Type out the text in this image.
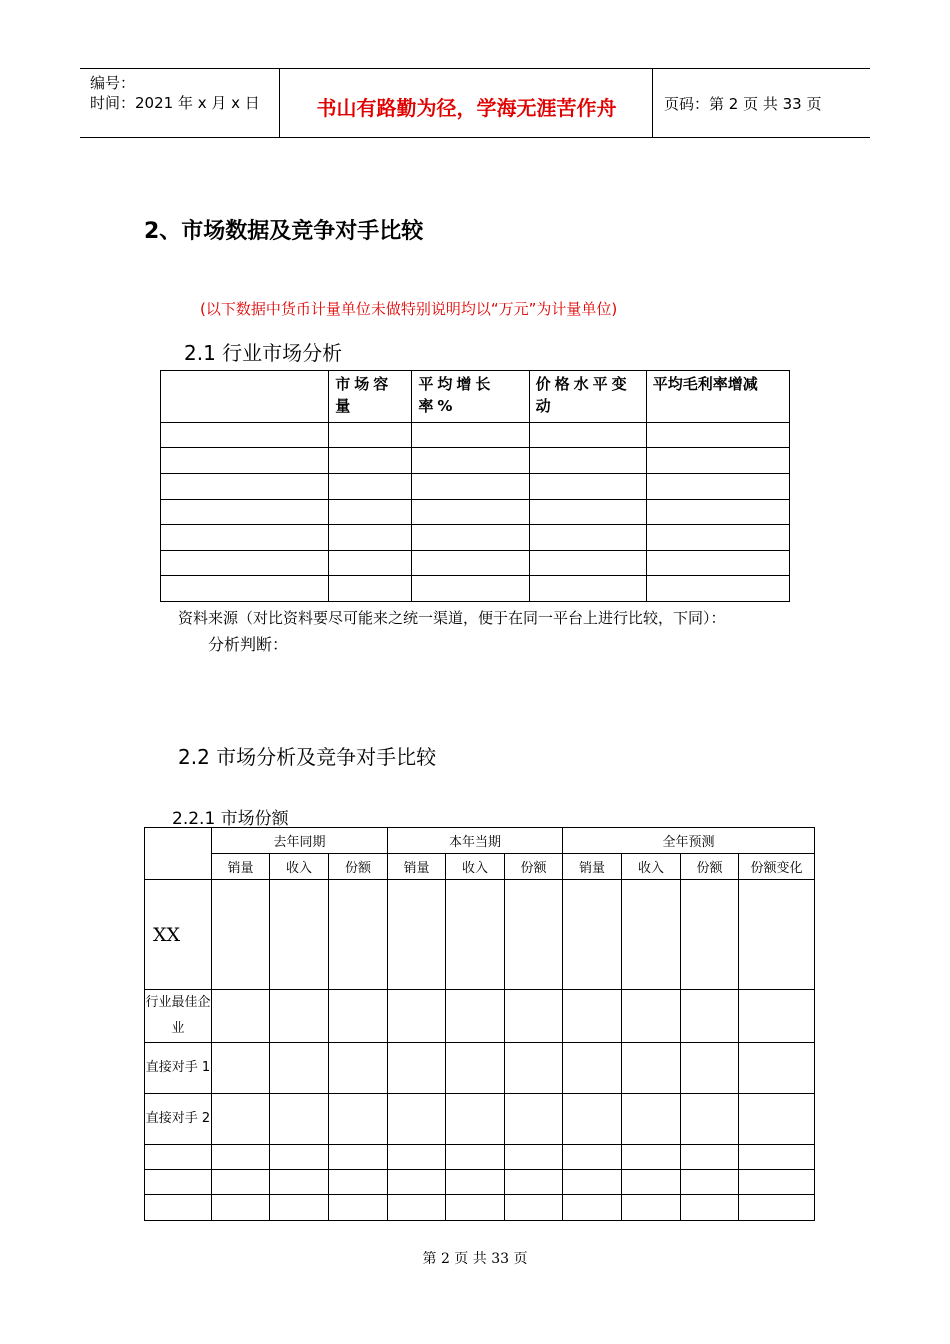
编号：
时间：2021 年 x 月 x 日	书山有路勤为径，学海无涯苦作舟	页码：第 2 页 共 33 页
2、市场数据及竞争对手比较
(以下数据中货币计量单位未做特别说明均以“万元”为计量单位)
2.1 行业市场分析
	市场容量	平均增长率%	价格水平变动	平均毛利率增减

资料来源（对比资料要尽可能来之统一渠道，便于在同一平台上进行比较，下同）：
分析判断：
2.2 市场分析及竞争对手比较
2.2.1 市场份额
	去年同期			本年当期			全年预测			
	销量	收入	份额	销量	收入	份额	销量	收入	份额	份额变化
XX										
行业最佳企业										
直接对手 1										
直接对手 2										

第 2 页 共 33 页
